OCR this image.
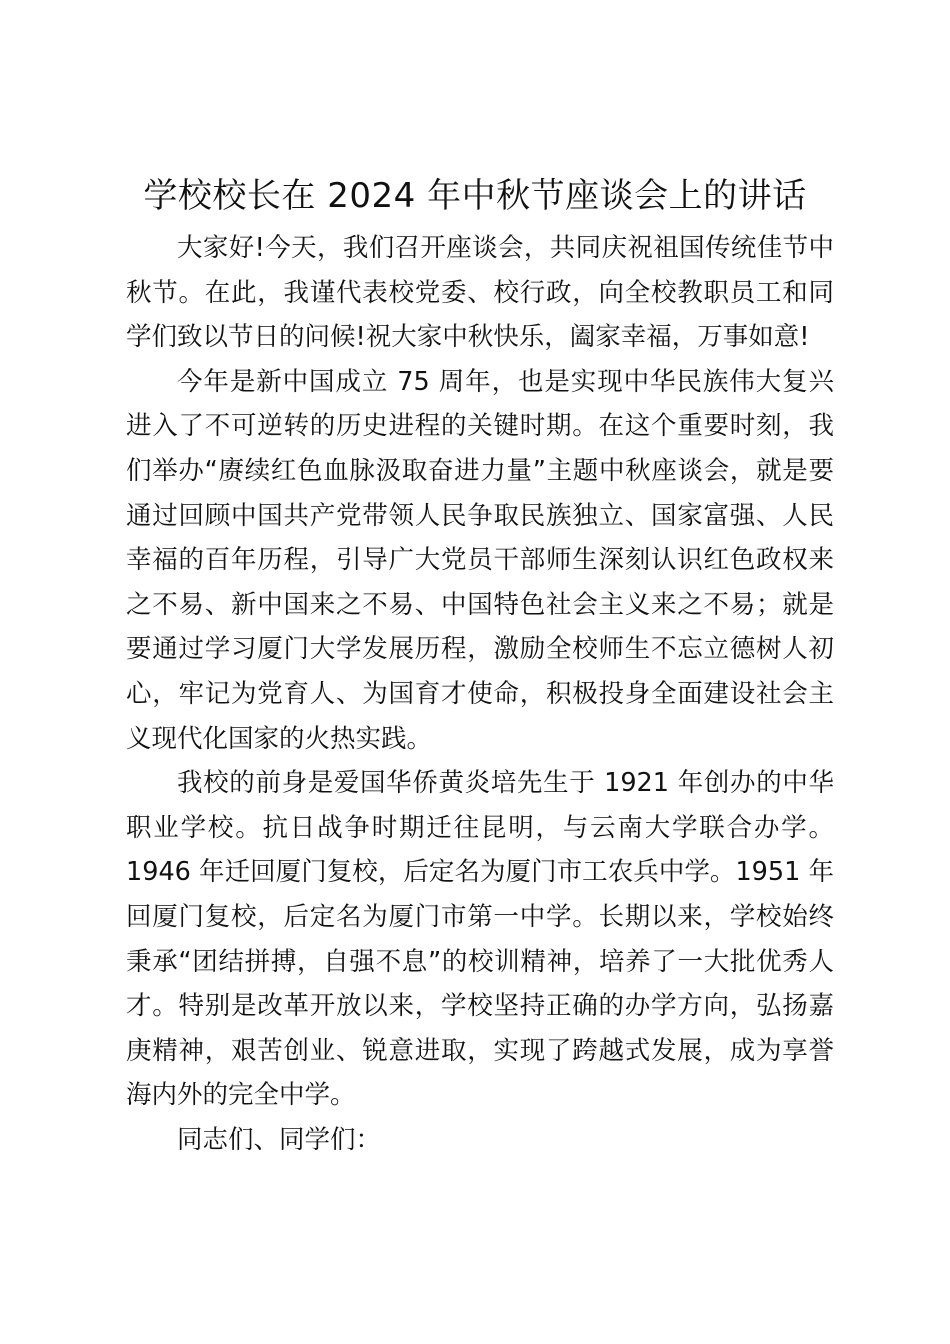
学校校长在 2024 年中秋节座谈会上的讲话

大家好!今天，我们召开座谈会，共同庆祝祖国传统佳节中秋节。在此，我谨代表校党委、校行政，向全校教职员工和同学们致以节日的问候!祝大家中秋快乐，阖家幸福，万事如意!

今年是新中国成立 75 周年，也是实现中华民族伟大复兴进入了不可逆转的历史进程的关键时期。在这个重要时刻，我们举办“赓续红色血脉汲取奋进力量”主题中秋座谈会，就是要通过回顾中国共产党带领人民争取民族独立、国家富强、人民幸福的百年历程，引导广大党员干部师生深刻认识红色政权来之不易、新中国来之不易、中国特色社会主义来之不易；就是要通过学习厦门大学发展历程，激励全校师生不忘立德树人初心，牢记为党育人、为国育才使命，积极投身全面建设社会主义现代化国家的火热实践。

我校的前身是爱国华侨黄炎培先生于 1921 年创办的中华职业学校。抗日战争时期迁往昆明，与云南大学联合办学。1946 年迁回厦门复校，后定名为厦门市工农兵中学。1951 年回厦门复校，后定名为厦门市第一中学。长期以来，学校始终秉承“团结拼搏，自强不息”的校训精神，培养了一大批优秀人才。特别是改革开放以来，学校坚持正确的办学方向，弘扬嘉庚精神，艰苦创业、锐意进取，实现了跨越式发展，成为享誉海内外的完全中学。

同志们、同学们：
